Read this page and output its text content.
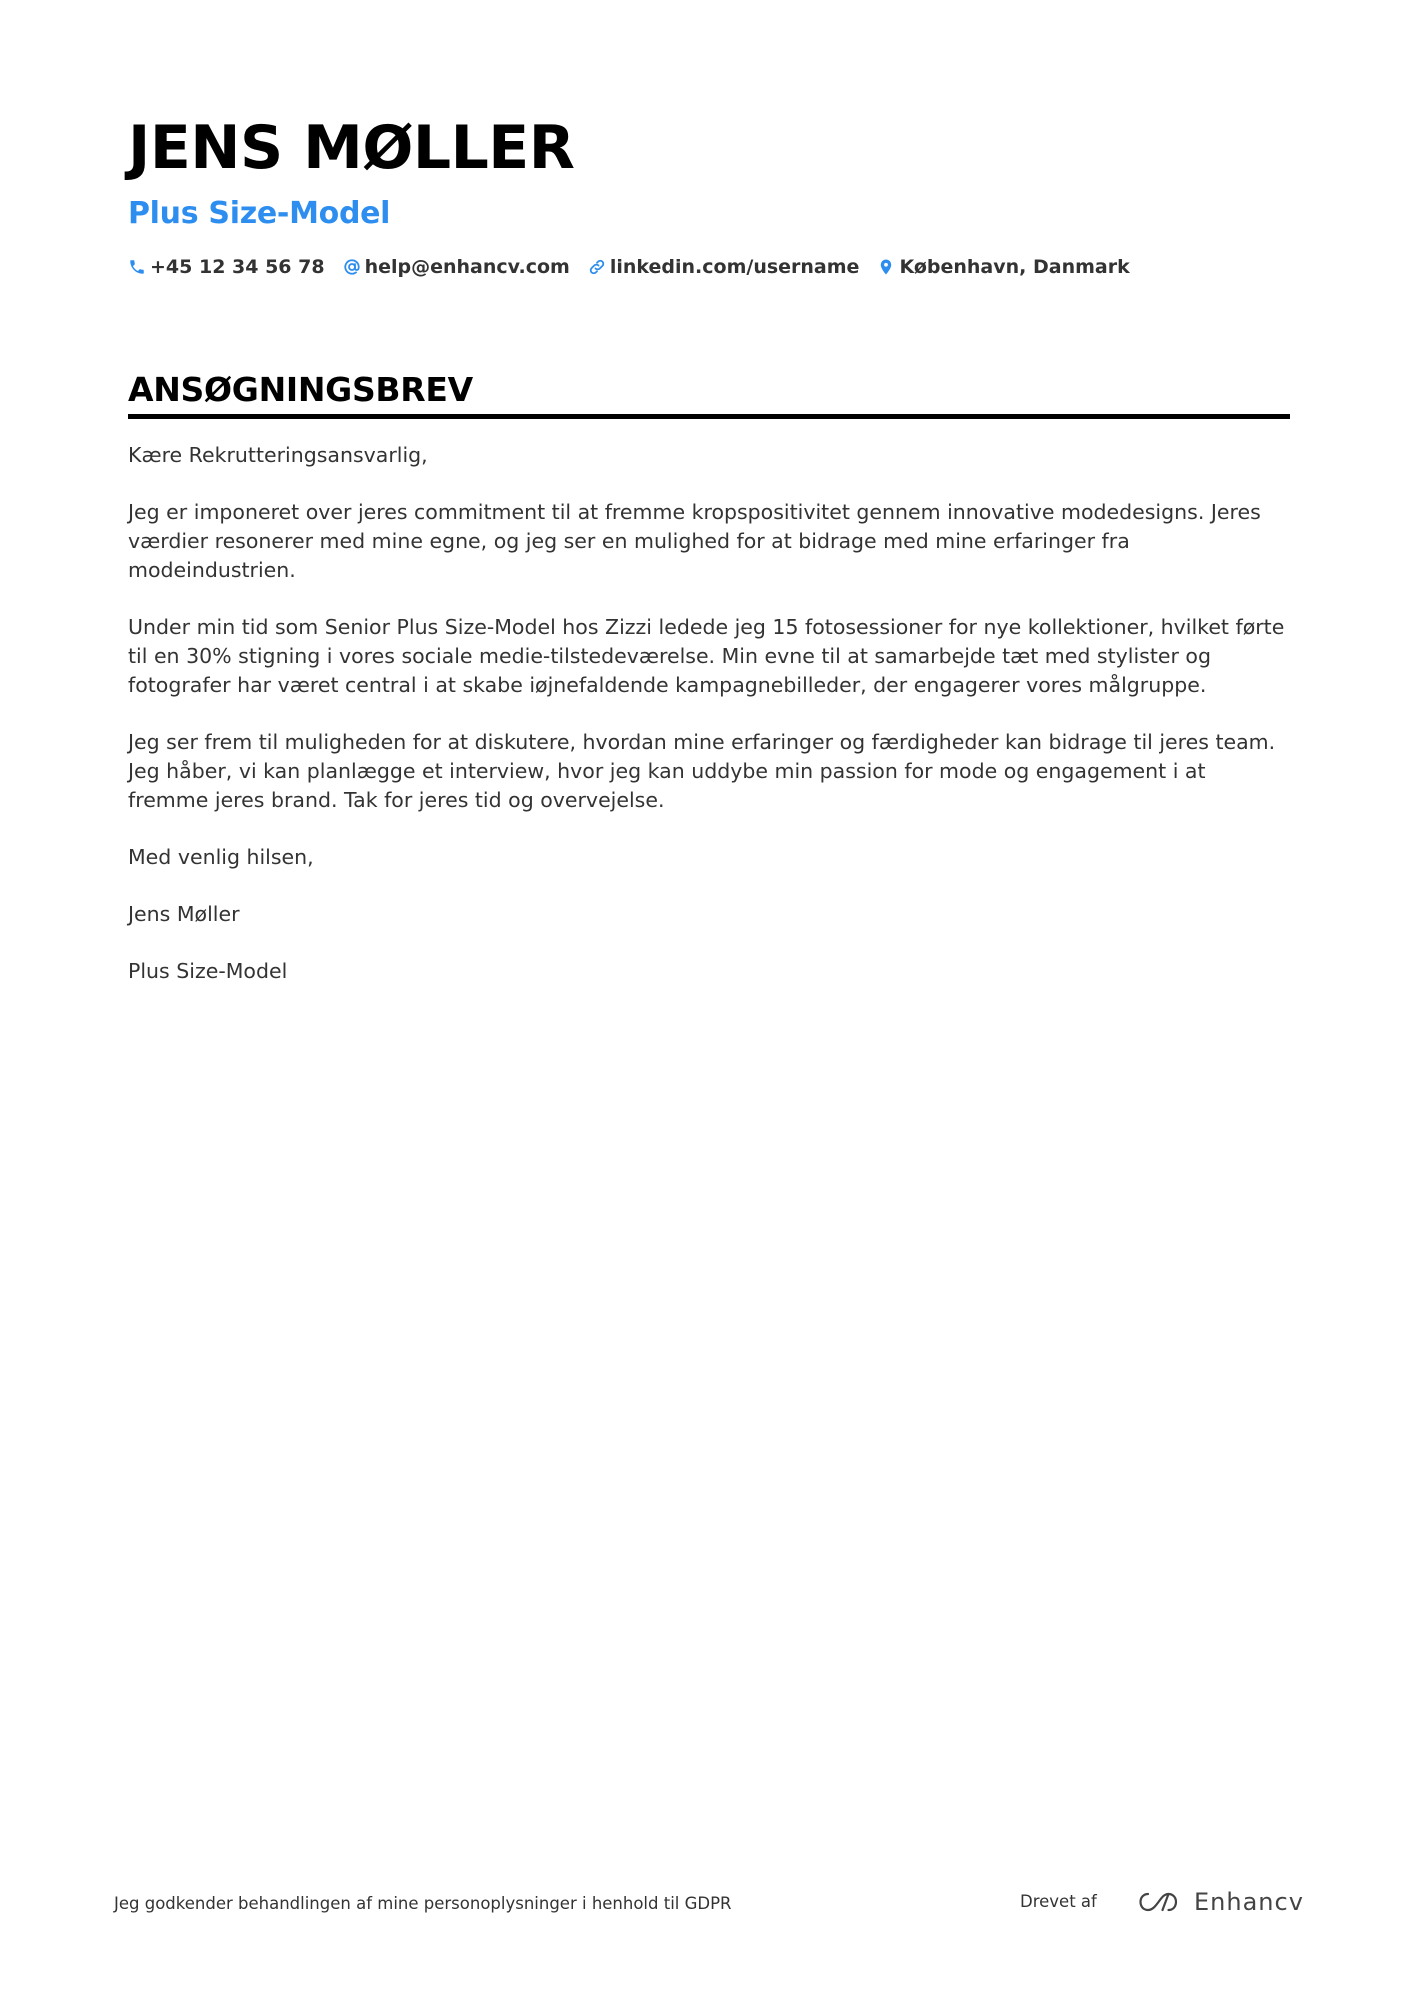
JENS MØLLER
Plus Size-Model
+45 12 34 56 78 help@enhancv.com linkedin.com/username København, Danmark
ANSØGNINGSBREV

Kære Rekrutteringsansvarlig,

Jeg er imponeret over jeres commitment til at fremme kropspositivitet gennem innovative modedesigns. Jeres værdier resonerer med mine egne, og jeg ser en mulighed for at bidrage med mine erfaringer fra modeindustrien.

Under min tid som Senior Plus Size-Model hos Zizzi ledede jeg 15 fotosessioner for nye kollektioner, hvilket førte til en 30% stigning i vores sociale medie-tilstedeværelse. Min evne til at samarbejde tæt med stylister og fotografer har været central i at skabe iøjnefaldende kampagnebilleder, der engagerer vores målgruppe.

Jeg ser frem til muligheden for at diskutere, hvordan mine erfaringer og færdigheder kan bidrage til jeres team. Jeg håber, vi kan planlægge et interview, hvor jeg kan uddybe min passion for mode og engagement i at fremme jeres brand. Tak for jeres tid og overvejelse.

Med venlig hilsen,

Jens Møller

Plus Size-Model

Jeg godkender behandlingen af mine personoplysninger i henhold til GDPR	Drevet af	Enhancv
